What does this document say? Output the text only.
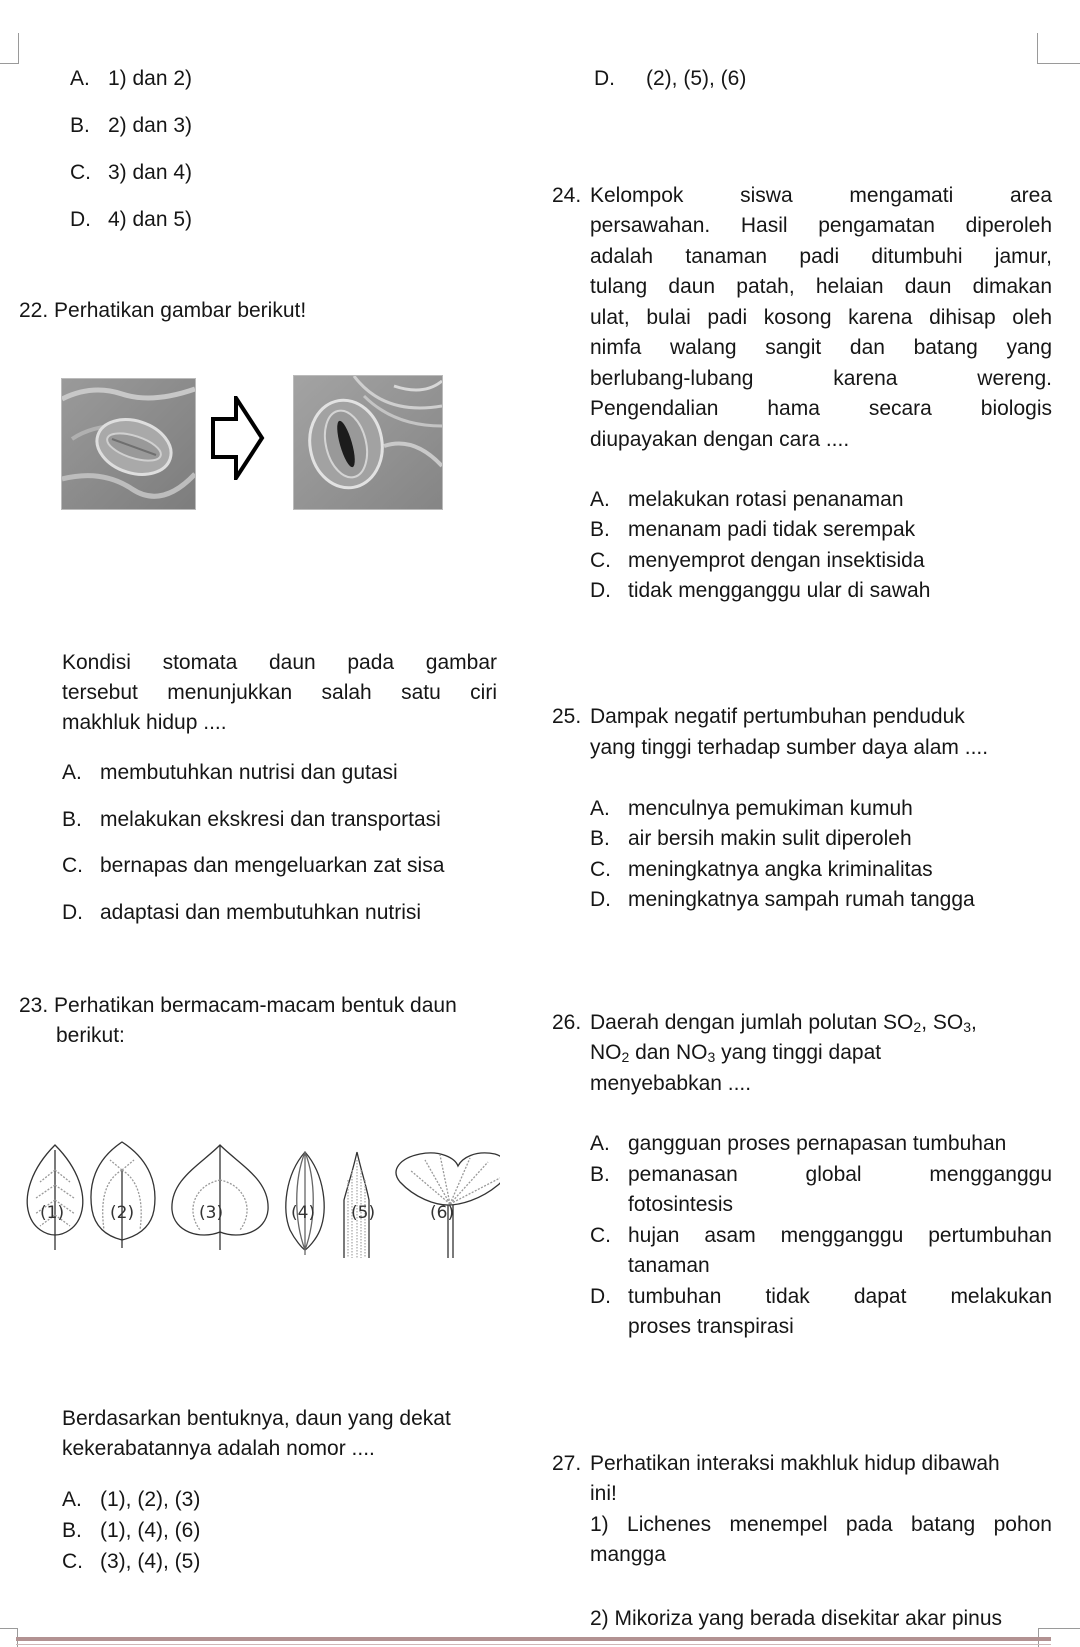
A. 1) dan 2)
B. 2) dan 3)
C. 3) dan 4)
D. 4) dan 5)
22. Perhatikan gambar berikut!
Kondisi stomata daun pada gambar
tersebut menunjukkan salah satu ciri
makhluk hidup ....
A. membutuhkan nutrisi dan gutasi
B. melakukan ekskresi dan transportasi
C. bernapas dan mengeluarkan zat sisa
D. adaptasi dan membutuhkan nutrisi
23. Perhatikan bermacam-macam bentuk daun
berikut:
(1)	(2)	(3)	(4) (5)	(6)
Berdasarkan bentuknya, daun yang dekat
kekerabatannya adalah nomor ....
A. (1), (2), (3)
B. (1), (4), (6)
C. (3), (4), (5)
D. (2), (5), (6)
24. Kelompok siswa mengamati area
persawahan. Hasil pengamatan diperoleh
adalah tanaman padi ditumbuhi jamur,
tulang daun patah, helaian daun dimakan
ulat, bulai padi kosong karena dihisap oleh
nimfa walang sangit dan batang yang
berlubang-lubang karena wereng.
Pengendalian hama secara biologis
diupayakan dengan cara ....
A. melakukan rotasi penanaman
B. menanam padi tidak serempak
C. menyemprot dengan insektisida
D. tidak mengganggu ular di sawah
25. Dampak negatif pertumbuhan penduduk
yang tinggi terhadap sumber daya alam ....
A. menculnya pemukiman kumuh
B. air bersih makin sulit diperoleh
C. meningkatnya angka kriminalitas
D. meningkatnya sampah rumah tangga
26. Daerah dengan jumlah polutan $SO_2$, $SO_3$,
$NO_2$ dan $NO_3$ yang tinggi dapat
menyebabkan ....
A. gangguan proses pernapasan tumbuhan
B. pemanasan global mengganggu
fotosintesis
C. hujan asam mengganggu pertumbuhan
tanaman
D. tumbuhan tidak dapat melakukan
proses transpirasi
27. Perhatikan interaksi makhluk hidup dibawah
ini!
1) Lichenes menempel pada batang pohon
mangga
2) Mikoriza yang berada disekitar akar pinus
